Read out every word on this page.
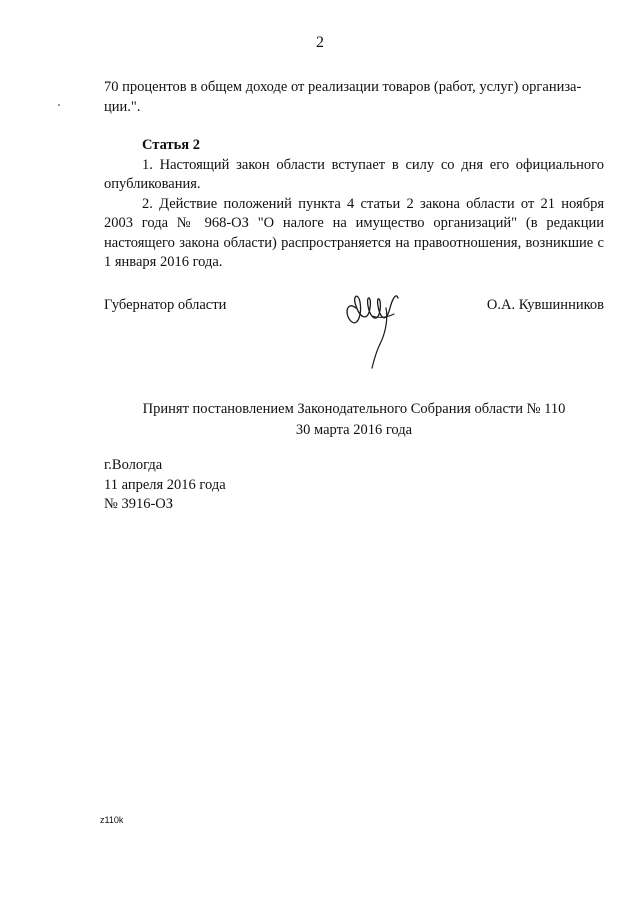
2

70 процентов в общем доходе от реализации товаров (работ, услуг) организа-

ции.".

Статья 2

1. Настоящий закон области вступает в силу со дня его официального опубликования.

2. Действие положений пункта 4 статьи 2 закона области от 21 ноября 2003 года № 968-ОЗ "О налоге на имущество организаций" (в редакции настоящего закона области) распространяется на правоотношения, возникшие с 1 января 2016 года.

Губернатор области	О.А. Кувшинников
Принят постановлением Законодательного Собрания области № 110
30 марта 2016 года
г.Вологда
11 апреля 2016 года
№ 3916-ОЗ
z110k
